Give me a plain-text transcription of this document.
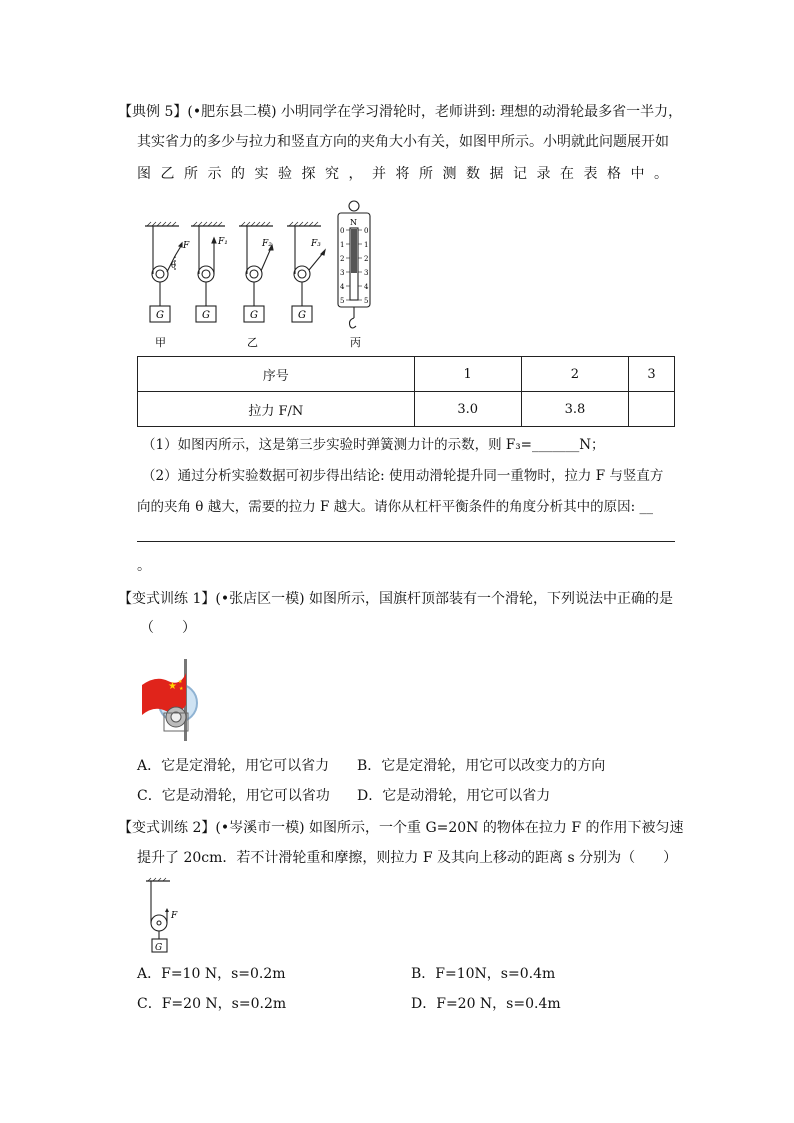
【典例 5】(•肥东县二模) 小明同学在学习滑轮时，老师讲到: 理想的动滑轮最多省一半力，
其实省力的多少与拉力和竖直方向的夹角大小有关，如图甲所示。小明就此问题展开如
图乙所示的实验探究，并将所测数据记录在表格中。
G	G	G	G
F
θ
F₁	F₂	F₃
甲	乙	丙
N
0
1
2
3
4
5
0
1
2
3
4
5
序号	1	2	3
拉力 F/N	3.0	3.8	
（1）如图丙所示，这是第三步实验时弹簧测力计的示数，则 F₃=_______N；
（2）通过分析实验数据可初步得出结论: 使用动滑轮提升同一重物时，拉力 F 与竖直方
向的夹角 θ 越大，需要的拉力 F 越大。请你从杠杆平衡条件的角度分析其中的原因: __
。
【变式训练 1】(•张店区一模) 如图所示，国旗杆顶部装有一个滑轮，下列说法中正确的是
（　　）
★ ★
★
A．它是定滑轮，用它可以省力 B．它是定滑轮，用它可以改变力的方向
C．它是动滑轮，用它可以省功 D．它是动滑轮，用它可以省力
【变式训练 2】(•岑溪市一模) 如图所示，一个重 G=20N 的物体在拉力 F 的作用下被匀速
提升了 20cm．若不计滑轮重和摩擦，则拉力 F 及其向上移动的距离 s 分别为（　　）
F
G
A．F=10 N，s=0.2m	B．F=10N，s=0.4m
C．F=20 N，s=0.2m	D．F=20 N，s=0.4m
